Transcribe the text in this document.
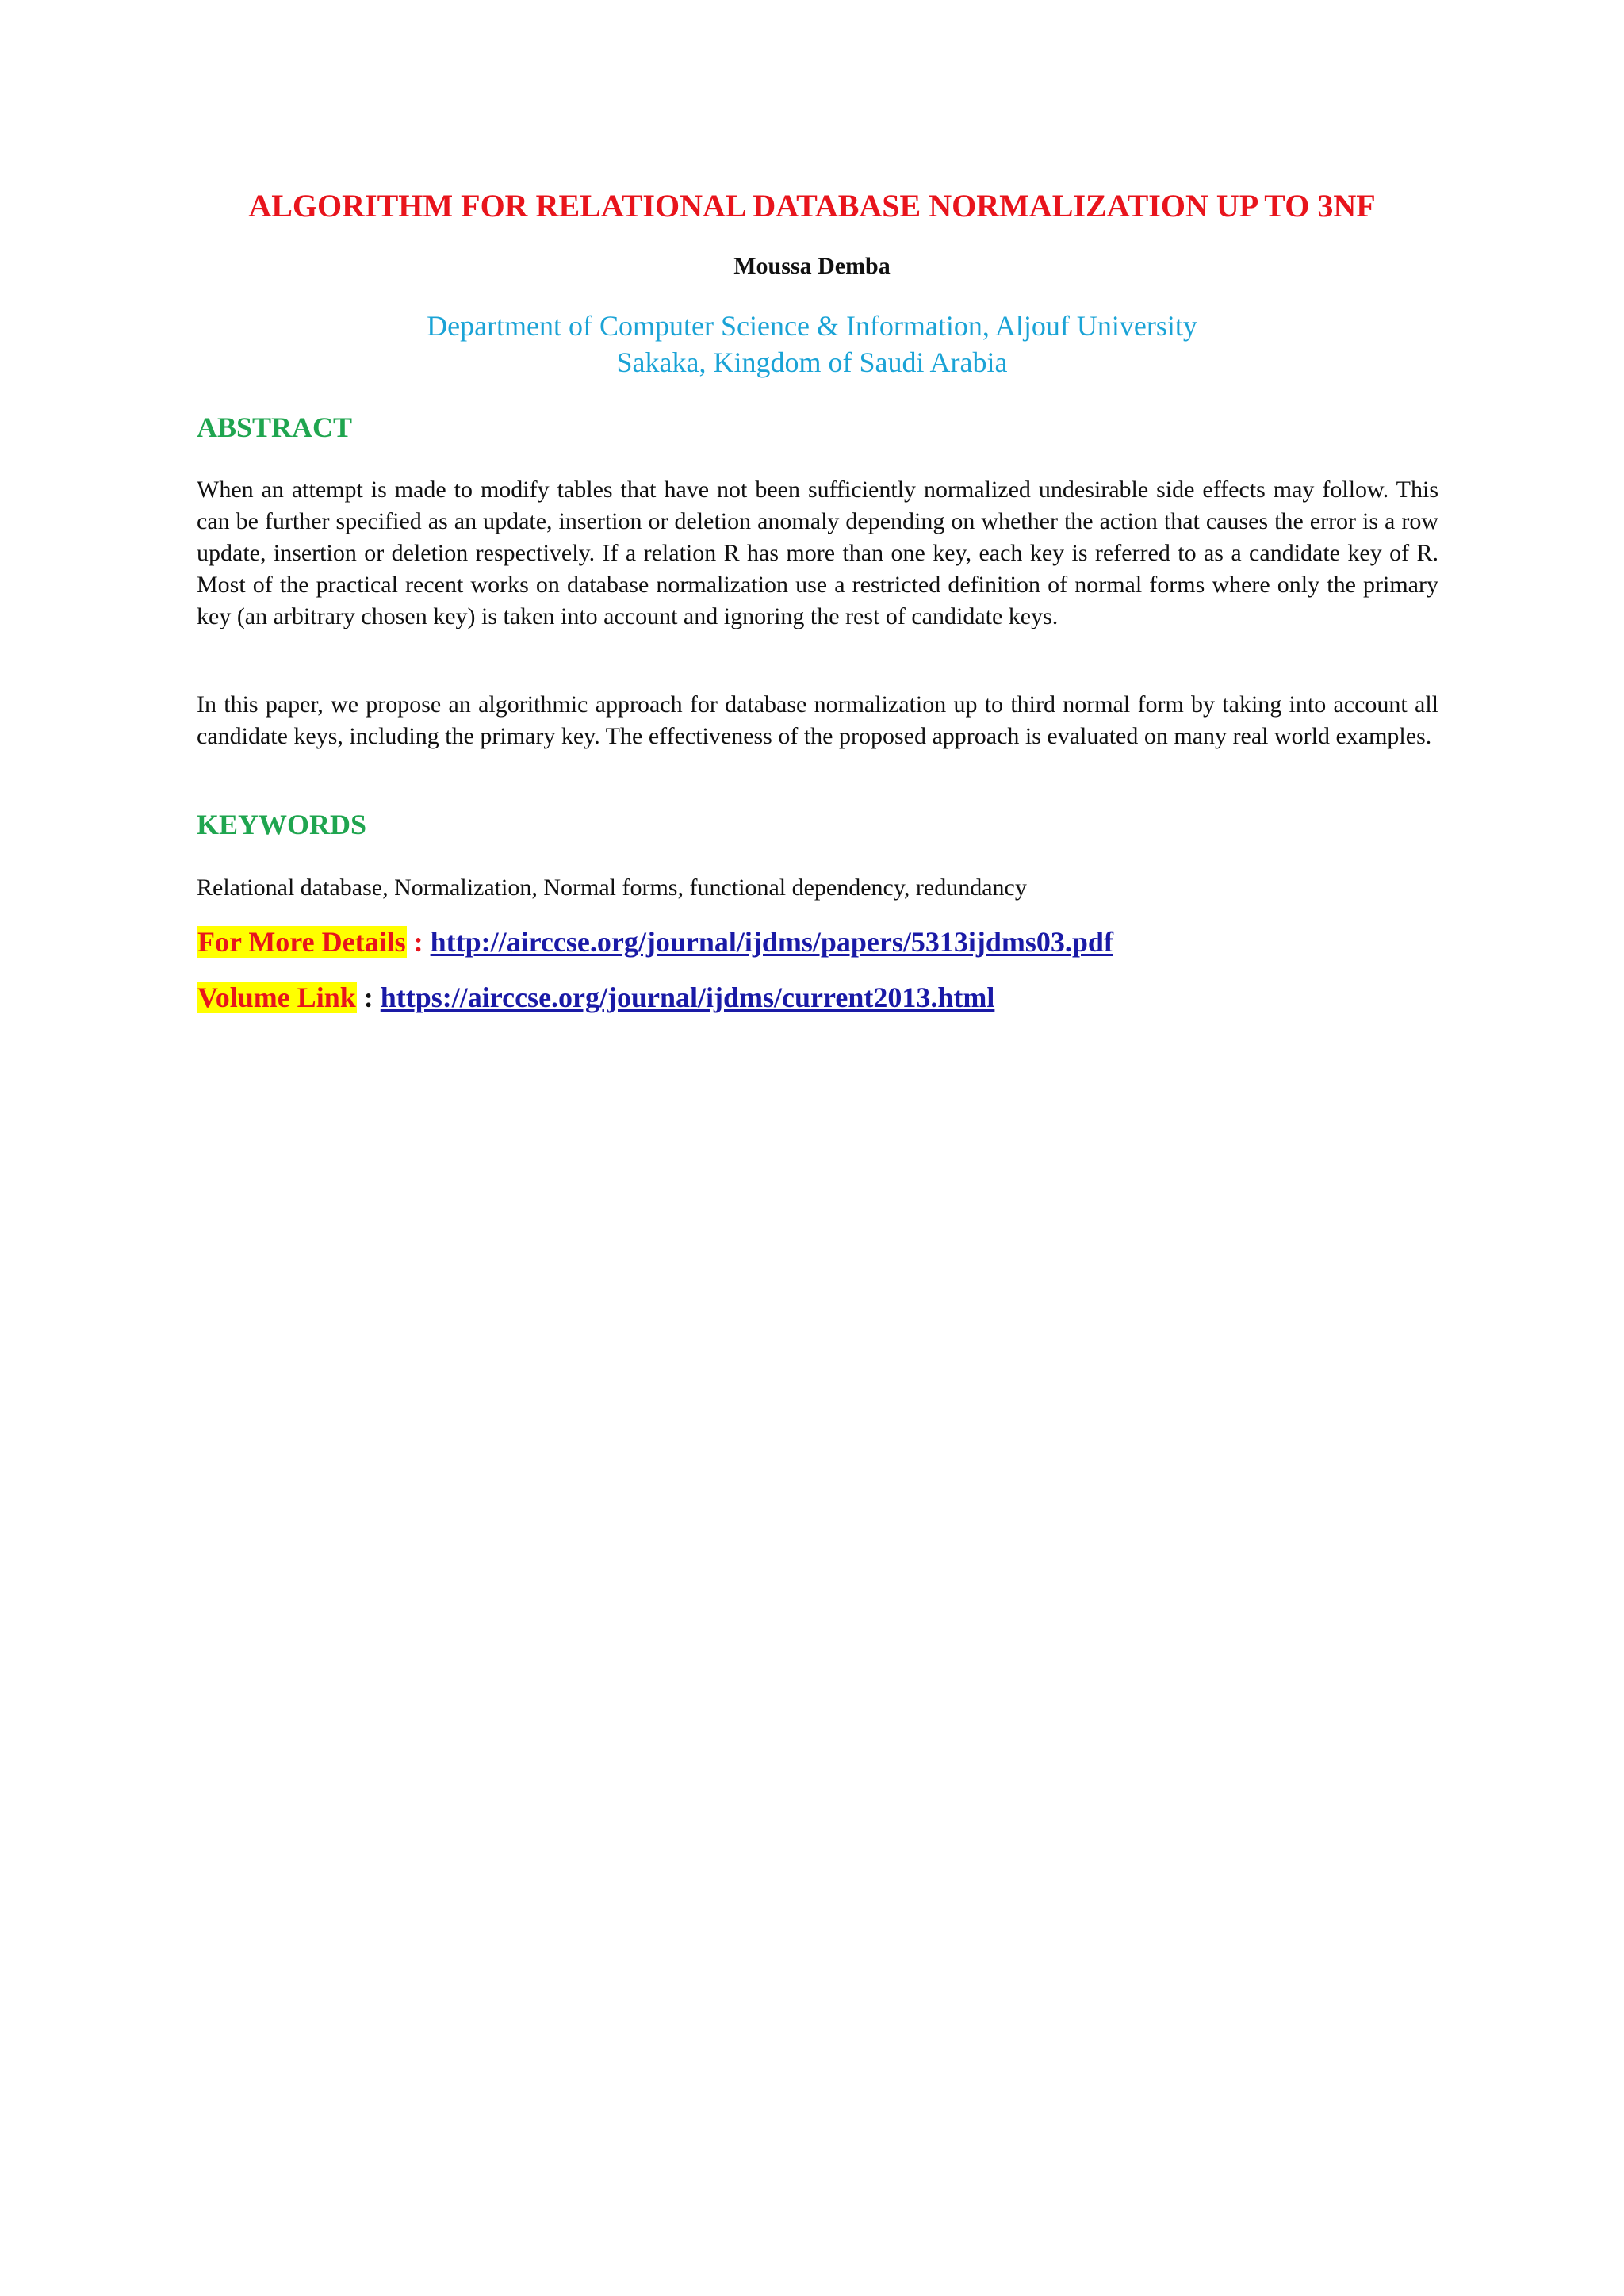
ALGORITHM FOR RELATIONAL DATABASE NORMALIZATION UP TO 3NF
Moussa Demba
Department of Computer Science & Information, Aljouf University
Sakaka, Kingdom of Saudi Arabia
ABSTRACT
When an attempt is made to modify tables that have not been sufficiently normalized undesirable side effects may follow. This can be further specified as an update, insertion or deletion anomaly depending on whether the action that causes the error is a row update, insertion or deletion respectively. If a relation R has more than one key, each key is referred to as a candidate key of R. Most of the practical recent works on database normalization use a restricted definition of normal forms where only the primary key (an arbitrary chosen key) is taken into account and ignoring the rest of candidate keys.
In this paper, we propose an algorithmic approach for database normalization up to third normal form by taking into account all candidate keys, including the primary key. The effectiveness of the proposed approach is evaluated on many real world examples.
KEYWORDS
Relational database, Normalization, Normal forms, functional dependency, redundancy
For More Details : http://airccse.org/journal/ijdms/papers/5313ijdms03.pdf
Volume Link : https://airccse.org/journal/ijdms/current2013.html
